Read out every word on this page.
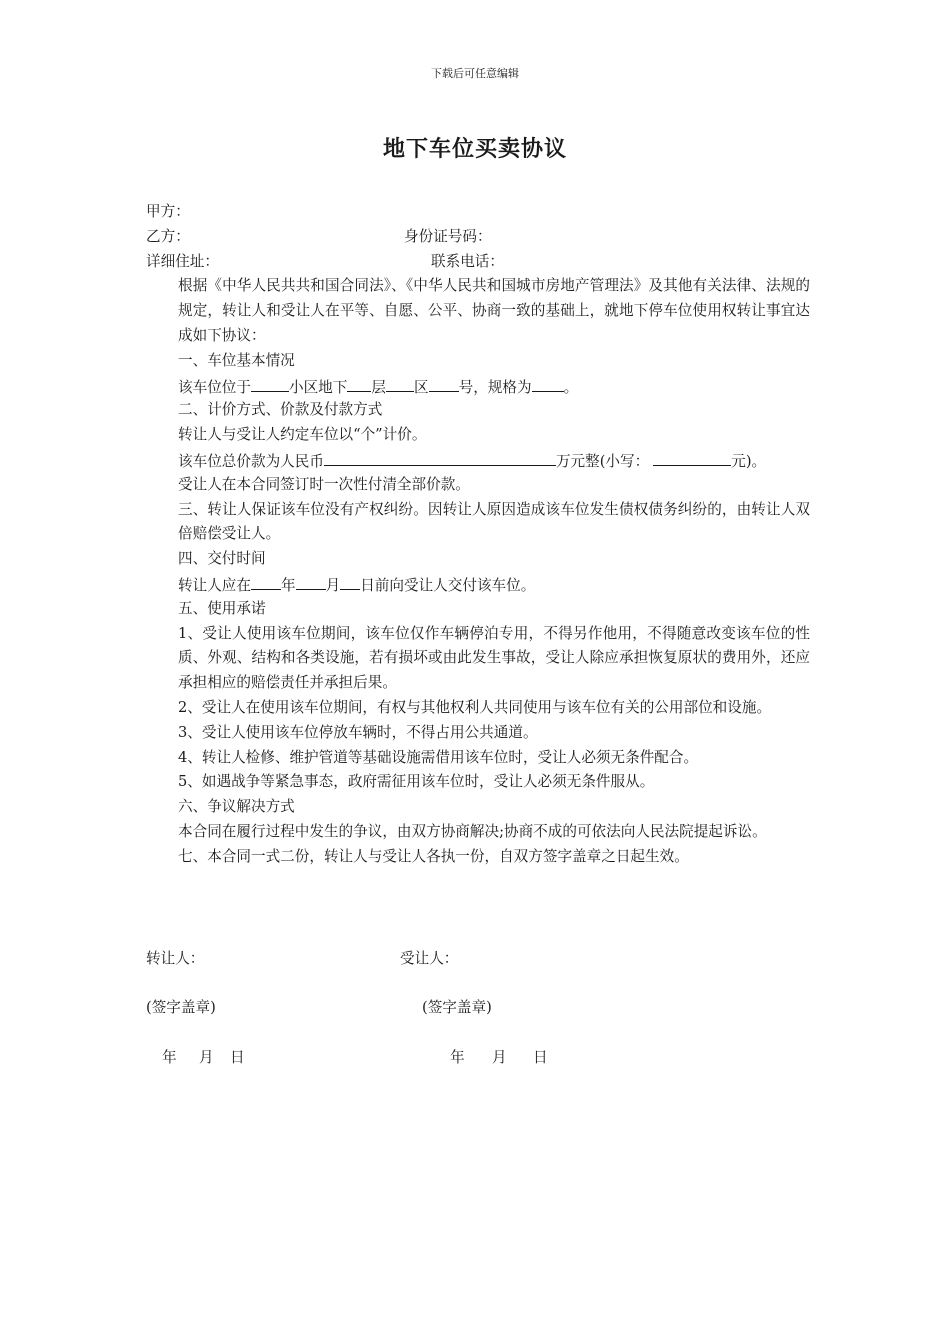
下载后可任意编辑
地下车位买卖协议
甲方：
乙方：	身份证号码：
详细住址：	联系电话：
根据《中华人民共共和国合同法》、《中华人民共和国城市房地产管理法》及其他有关法律、法规的规定，转让人和受让人在平等、自愿、公平、协商一致的基础上，就地下停车位使用权转让事宜达成如下协议：
一、车位基本情况
该车位位于	小区地下 层 区 号，规格为 。
二、计价方式、价款及付款方式
转让人与受让人约定车位以“个”计价。
该车位总价款为人民币	万元整(小写：	元)。
受让人在本合同签订时一次性付清全部价款。
三、转让人保证该车位没有产权纠纷。因转让人原因造成该车位发生债权债务纠纷的，由转让人双倍赔偿受让人。
四、交付时间
转让人应在 年 月 日前向受让人交付该车位。
五、使用承诺
1、受让人使用该车位期间，该车位仅作车辆停泊专用，不得另作他用，不得随意改变该车位的性质、外观、结构和各类设施，若有损坏或由此发生事故，受让人除应承担恢复原状的费用外，还应承担相应的赔偿责任并承担后果。
2、受让人在使用该车位期间，有权与其他权利人共同使用与该车位有关的公用部位和设施。
3、受让人使用该车位停放车辆时，不得占用公共通道。
4、转让人检修、维护管道等基础设施需借用该车位时，受让人必须无条件配合。
5、如遇战争等紧急事态，政府需征用该车位时，受让人必须无条件服从。
六、争议解决方式
本合同在履行过程中发生的争议，由双方协商解决;协商不成的可依法向人民法院提起诉讼。
七、本合同一式二份，转让人与受让人各执一份，自双方签字盖章之日起生效。
转让人：	受让人：
(签字盖章)	(签字盖章)
年 月 日	年 月 日
